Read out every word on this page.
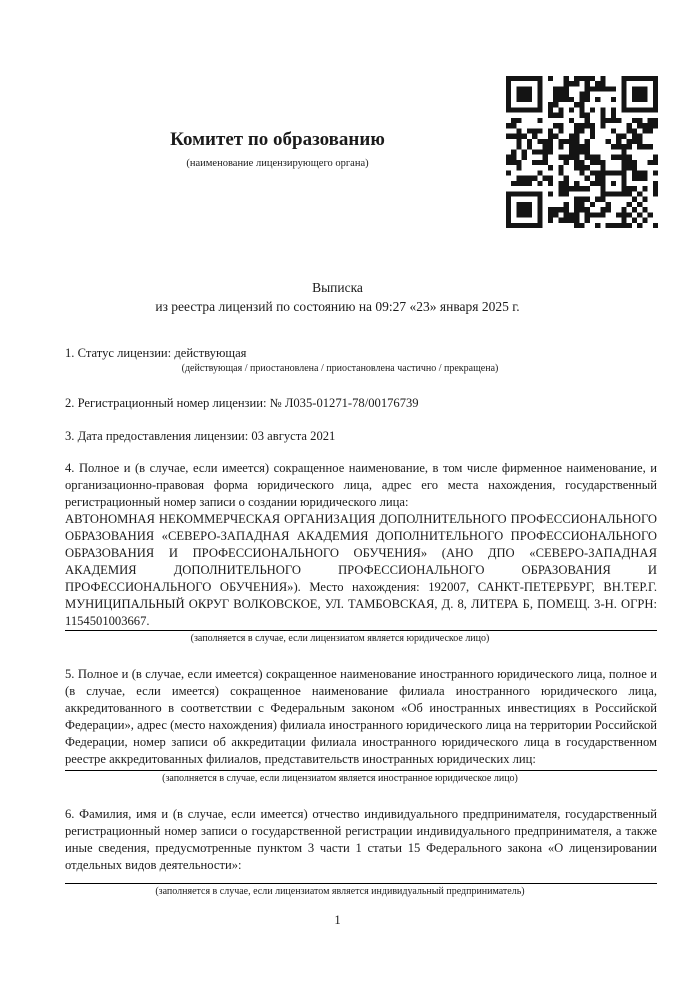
Комитет по образованию
(наименование лицензирующего органа)
Выписка
из реестра лицензий по состоянию на 09:27 «23» января 2025 г.

1. Статус лицензии: действующая

(действующая / приостановлена / приостановлена частично / прекращена)

2. Регистрационный номер лицензии: № Л035-01271-78/00176739

3. Дата предоставления лицензии: 03 августа 2021

4. Полное и (в случае, если имеется) сокращенное наименование, в том числе фирменное наименование, и организационно-правовая форма юридического лица, адрес его места нахождения, государственный регистрационный номер записи о создании юридического лица:

АВТОНОМНАЯ НЕКОММЕРЧЕСКАЯ ОРГАНИЗАЦИЯ ДОПОЛНИТЕЛЬНОГО ПРОФЕССИОНАЛЬНОГО ОБРАЗОВАНИЯ «СЕВЕРО-ЗАПАДНАЯ АКАДЕМИЯ ДОПОЛНИТЕЛЬНОГО ПРОФЕССИОНАЛЬНОГО ОБРАЗОВАНИЯ И ПРОФЕССИОНАЛЬНОГО ОБУЧЕНИЯ» (АНО ДПО «СЕВЕРО-ЗАПАДНАЯ АКАДЕМИЯ ДОПОЛНИТЕЛЬНОГО ПРОФЕССИОНАЛЬНОГО ОБРАЗОВАНИЯ И ПРОФЕССИОНАЛЬНОГО ОБУЧЕНИЯ»). Место нахождения: 192007, САНКТ-ПЕТЕРБУРГ, ВН.ТЕР.Г. МУНИЦИПАЛЬНЫЙ ОКРУГ ВОЛКОВСКОЕ, УЛ. ТАМБОВСКАЯ, Д. 8, ЛИТЕРА Б, ПОМЕЩ. 3-Н. ОГРН: 1154501003667.

(заполняется в случае, если лицензиатом является юридическое лицо)

5. Полное и (в случае, если имеется) сокращенное наименование иностранного юридического лица, полное и (в случае, если имеется) сокращенное наименование филиала иностранного юридического лица, аккредитованного в соответствии с Федеральным законом «Об иностранных инвестициях в Российской Федерации», адрес (место нахождения) филиала иностранного юридического лица на территории Российской Федерации, номер записи об аккредитации филиала иностранного юридического лица в государственном реестре аккредитованных филиалов, представительств иностранных юридических лиц:

(заполняется в случае, если лицензиатом является иностранное юридическое лицо)

6. Фамилия, имя и (в случае, если имеется) отчество индивидуального предпринимателя, государственный регистрационный номер записи о государственной регистрации индивидуального предпринимателя, а также иные сведения, предусмотренные пунктом 3 части 1 статьи 15 Федерального закона «О лицензировании отдельных видов деятельности»:

(заполняется в случае, если лицензиатом является индивидуальный предприниматель)

1
